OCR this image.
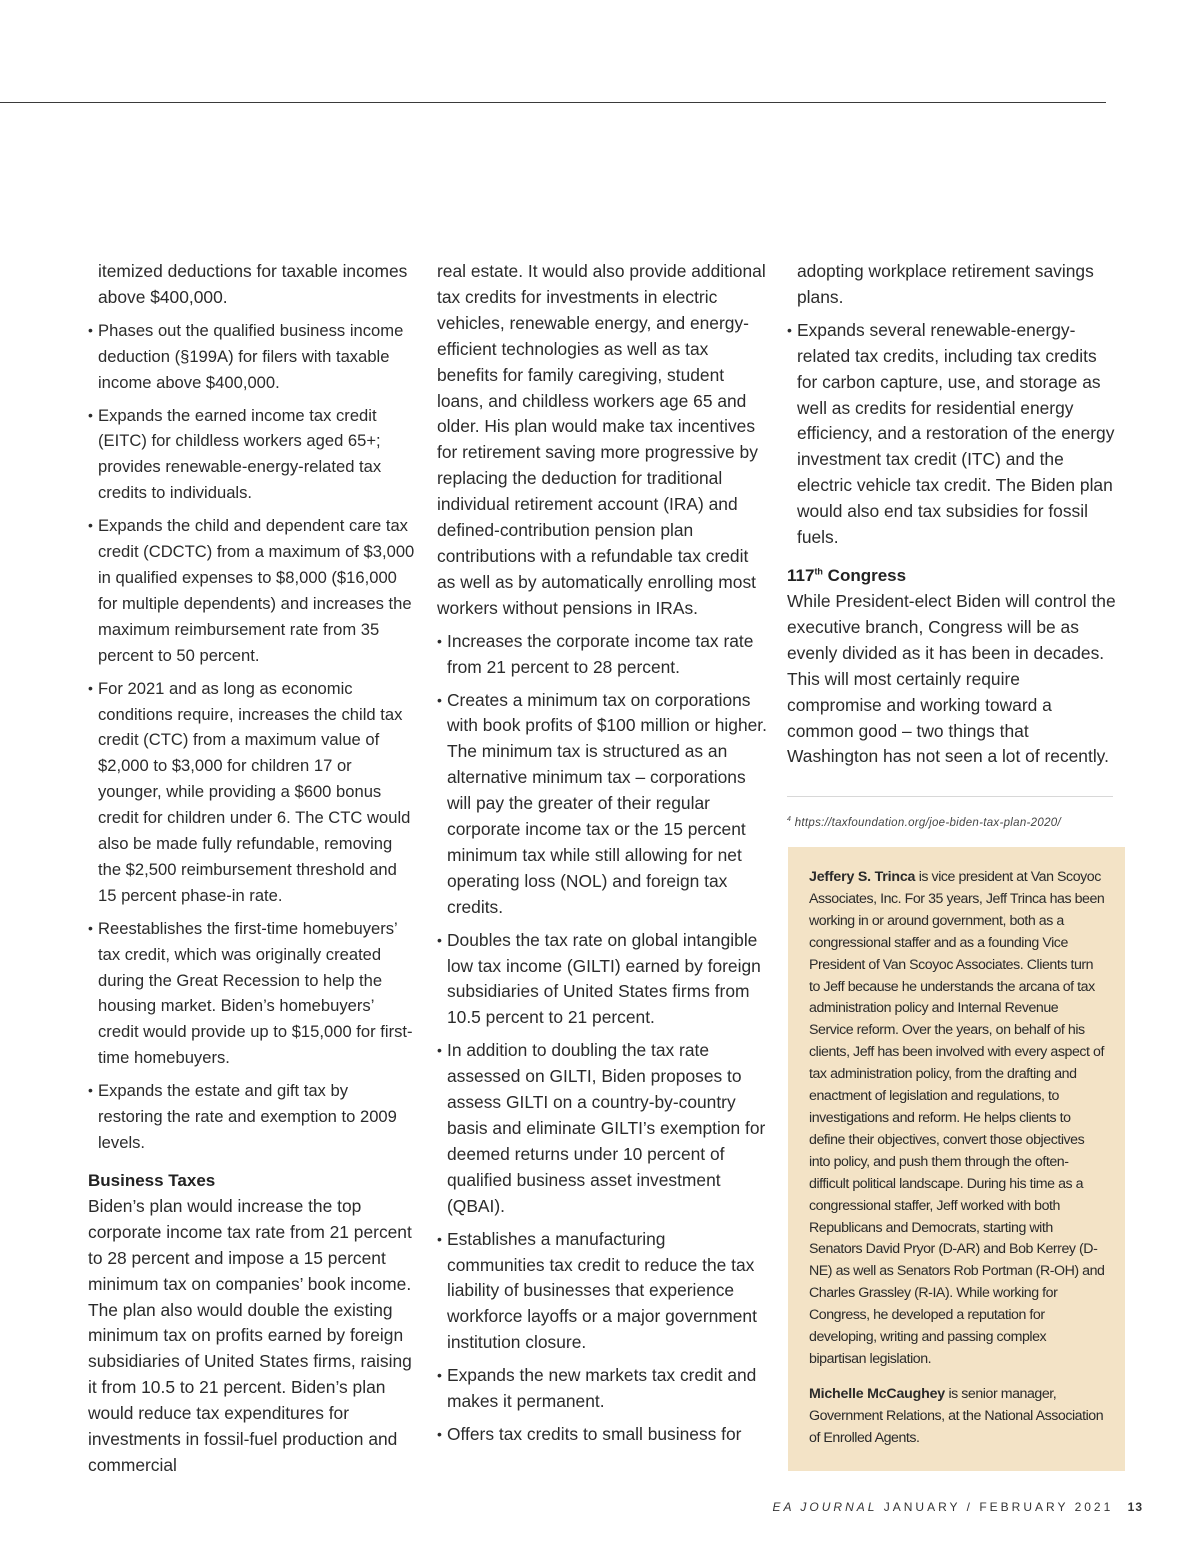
itemized deductions for taxable incomes above $400,000.

• Phases out the qualified business income deduction (§199A) for filers with taxable income above $400,000.
• Expands the earned income tax credit (EITC) for childless workers aged 65+; provides renewable-energy-related tax credits to individuals.
• Expands the child and dependent care tax credit (CDCTC) from a maximum of $3,000 in qualified expenses to $8,000 ($16,000 for multiple dependents) and increases the maximum reimbursement rate from 35 percent to 50 percent.
• For 2021 and as long as economic conditions require, increases the child tax credit (CTC) from a maximum value of $2,000 to $3,000 for children 17 or younger, while providing a $600 bonus credit for children under 6. The CTC would also be made fully refundable, removing the $2,500 reimbursement threshold and 15 percent phase-in rate.
• Reestablishes the first-time homebuyers’ tax credit, which was originally created during the Great Recession to help the housing market. Biden’s homebuyers’ credit would provide up to $15,000 for first-time homebuyers.
• Expands the estate and gift tax by restoring the rate and exemption to 2009 levels.
Business Taxes

Biden’s plan would increase the top corporate income tax rate from 21 percent to 28 percent and impose a 15 percent minimum tax on companies’ book income. The plan also would double the existing minimum tax on profits earned by foreign subsidiaries of United States firms, raising it from 10.5 to 21 percent. Biden’s plan would reduce tax expenditures for investments in fossil-fuel production and commercial

real estate. It would also provide additional tax credits for investments in electric vehicles, renewable energy, and energy-efficient technologies as well as tax benefits for family caregiving, student loans, and childless workers age 65 and older. His plan would make tax incentives for retirement saving more progressive by replacing the deduction for traditional individual retirement account (IRA) and defined-contribution pension plan contributions with a refundable tax credit as well as by automatically enrolling most workers without pensions in IRAs.

• Increases the corporate income tax rate from 21 percent to 28 percent.
• Creates a minimum tax on corporations with book profits of $100 million or higher. The minimum tax is structured as an alternative minimum tax – corporations will pay the greater of their regular corporate income tax or the 15 percent minimum tax while still allowing for net operating loss (NOL) and foreign tax credits.
• Doubles the tax rate on global intangible low tax income (GILTI) earned by foreign subsidiaries of United States firms from 10.5 percent to 21 percent.
• In addition to doubling the tax rate assessed on GILTI, Biden proposes to assess GILTI on a country-by-country basis and eliminate GILTI’s exemption for deemed returns under 10 percent of qualified business asset investment (QBAI).
• Establishes a manufacturing communities tax credit to reduce the tax liability of businesses that experience workforce layoffs or a major government institution closure.
• Expands the new markets tax credit and makes it permanent.
• Offers tax credits to small business for

adopting workplace retirement savings plans.

• Expands several renewable-energy-related tax credits, including tax credits for carbon capture, use, and storage as well as credits for residential energy efficiency, and a restoration of the energy investment tax credit (ITC) and the electric vehicle tax credit. The Biden plan would also end tax subsidies for fossil fuels.
117th Congress

While President-elect Biden will control the executive branch, Congress will be as evenly divided as it has been in decades. This will most certainly require compromise and working toward a common good – two things that Washington has not seen a lot of recently.

$^4$ https://taxfoundation.org/joe-biden-tax-plan-2020/

Jeffery S. Trinca is vice president at Van Scoyoc Associates, Inc. For 35 years, Jeff Trinca has been working in or around government, both as a congressional staffer and as a founding Vice President of Van Scoyoc Associates. Clients turn to Jeff because he understands the arcana of tax administration policy and Internal Revenue Service reform. Over the years, on behalf of his clients, Jeff has been involved with every aspect of tax administration policy, from the drafting and enactment of legislation and regulations, to investigations and reform. He helps clients to define their objectives, convert those objectives into policy, and push them through the often-difficult political landscape. During his time as a congressional staffer, Jeff worked with both Republicans and Democrats, starting with Senators David Pryor (D-AR) and Bob Kerrey (D-NE) as well as Senators Rob Portman (R-OH) and Charles Grassley (R-IA). While working for Congress, he developed a reputation for developing, writing and passing complex bipartisan legislation.

Michelle McCaughey is senior manager, Government Relations, at the National Association of Enrolled Agents.

EA JOURNAL JANUARY / FEBRUARY 2021 13
